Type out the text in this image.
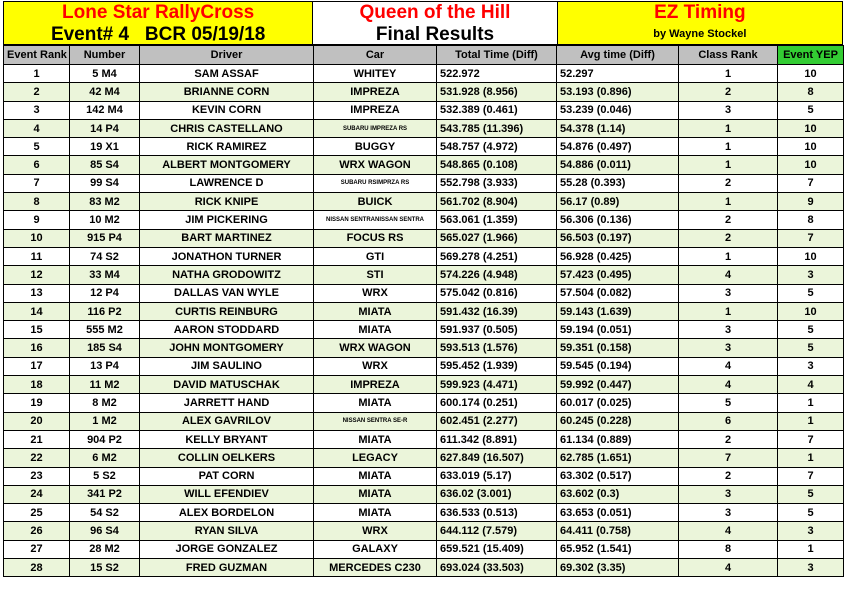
Lone Star RallyCross
Event# 4   BCR 05/19/18
Queen of the Hill
Final Results
EZ Timing
by Wayne Stockel
Event Rank	Number	Driver	Car	Total Time (Diff)	Avg time (Diff)	Class Rank	Event YEP
1	5 M4	SAM ASSAF	WHITEY	522.972	52.297	1	10
2	42 M4	BRIANNE CORN	IMPREZA	531.928 (8.956)	53.193 (0.896)	2	8
3	142 M4	KEVIN CORN	IMPREZA	532.389 (0.461)	53.239 (0.046)	3	5
4	14 P4	CHRIS CASTELLANO	SUBARU IMPREZA RS	543.785 (11.396)	54.378 (1.14)	1	10
5	19 X1	RICK RAMIREZ	BUGGY	548.757 (4.972)	54.876 (0.497)	1	10
6	85 S4	ALBERT MONTGOMERY	WRX WAGON	548.865 (0.108)	54.886 (0.011)	1	10
7	99 S4	LAWRENCE D	SUBARU RSIMPRZA RS	552.798 (3.933)	55.28 (0.393)	2	7
8	83 M2	RICK KNIPE	BUICK	561.702 (8.904)	56.17 (0.89)	1	9
9	10 M2	JIM PICKERING	NISSAN SENTRANISSAN SENTRA	563.061 (1.359)	56.306 (0.136)	2	8
10	915 P4	BART MARTINEZ	FOCUS RS	565.027 (1.966)	56.503 (0.197)	2	7
11	74 S2	JONATHON TURNER	GTI	569.278 (4.251)	56.928 (0.425)	1	10
12	33 M4	NATHA GRODOWITZ	STI	574.226 (4.948)	57.423 (0.495)	4	3
13	12 P4	DALLAS VAN WYLE	WRX	575.042 (0.816)	57.504 (0.082)	3	5
14	116 P2	CURTIS REINBURG	MIATA	591.432 (16.39)	59.143 (1.639)	1	10
15	555 M2	AARON STODDARD	MIATA	591.937 (0.505)	59.194 (0.051)	3	5
16	185 S4	JOHN MONTGOMERY	WRX WAGON	593.513 (1.576)	59.351 (0.158)	3	5
17	13 P4	JIM SAULINO	WRX	595.452 (1.939)	59.545 (0.194)	4	3
18	11 M2	DAVID MATUSCHAK	IMPREZA	599.923 (4.471)	59.992 (0.447)	4	4
19	8 M2	JARRETT HAND	MIATA	600.174 (0.251)	60.017 (0.025)	5	1
20	1 M2	ALEX GAVRILOV	NISSAN SENTRA SE-R	602.451 (2.277)	60.245 (0.228)	6	1
21	904 P2	KELLY BRYANT	MIATA	611.342 (8.891)	61.134 (0.889)	2	7
22	6 M2	COLLIN OELKERS	LEGACY	627.849 (16.507)	62.785 (1.651)	7	1
23	5 S2	PAT CORN	MIATA	633.019 (5.17)	63.302 (0.517)	2	7
24	341 P2	WILL EFENDIEV	MIATA	636.02 (3.001)	63.602 (0.3)	3	5
25	54 S2	ALEX BORDELON	MIATA	636.533 (0.513)	63.653 (0.051)	3	5
26	96 S4	RYAN SILVA	WRX	644.112 (7.579)	64.411 (0.758)	4	3
27	28 M2	JORGE GONZALEZ	GALAXY	659.521 (15.409)	65.952 (1.541)	8	1
28	15 S2	FRED GUZMAN	MERCEDES C230	693.024 (33.503)	69.302 (3.35)	4	3
